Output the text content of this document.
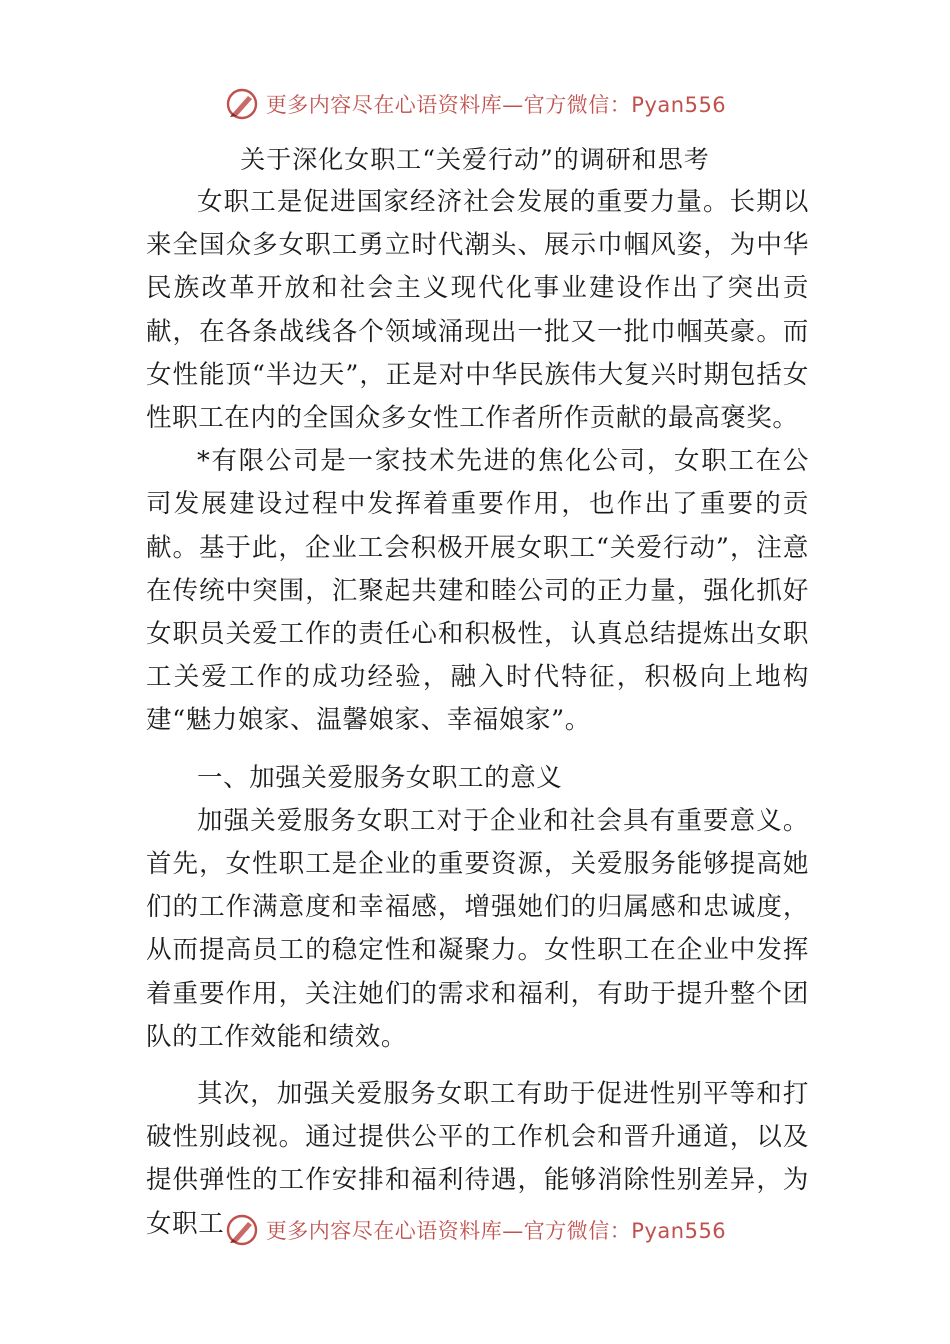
更多内容尽在心语资料库—官方微信：Pyan556
关于深化女职工“关爱行动”的调研和思考

女职工是促进国家经济社会发展的重要力量。长期以来全国众多女职工勇立时代潮头、展示巾帼风姿，为中华民族改革开放和社会主义现代化事业建设作出了突出贡献，在各条战线各个领域涌现出一批又一批巾帼英豪。而女性能顶“半边天”，正是对中华民族伟大复兴时期包括女性职工在内的全国众多女性工作者所作贡献的最高褒奖。

*有限公司是一家技术先进的焦化公司，女职工在公司发展建设过程中发挥着重要作用，也作出了重要的贡献。基于此，企业工会积极开展女职工“关爱行动”，注意在传统中突围，汇聚起共建和睦公司的正力量，强化抓好女职员关爱工作的责任心和积极性，认真总结提炼出女职工关爱工作的成功经验，融入时代特征，积极向上地构建“魅力娘家、温馨娘家、幸福娘家”。

一、加强关爱服务女职工的意义

加强关爱服务女职工对于企业和社会具有重要意义。首先，女性职工是企业的重要资源，关爱服务能够提高她们的工作满意度和幸福感，增强她们的归属感和忠诚度，从而提高员工的稳定性和凝聚力。女性职工在企业中发挥着重要作用，关注她们的需求和福利，有助于提升整个团队的工作效能和绩效。

其次，加强关爱服务女职工有助于促进性别平等和打破性别歧视。通过提供公平的工作机会和晋升通道，以及提供弹性的工作安排和福利待遇，能够消除性别差异，为女职工	更多内容尽在心语资料库—官方微信：Pyan556
